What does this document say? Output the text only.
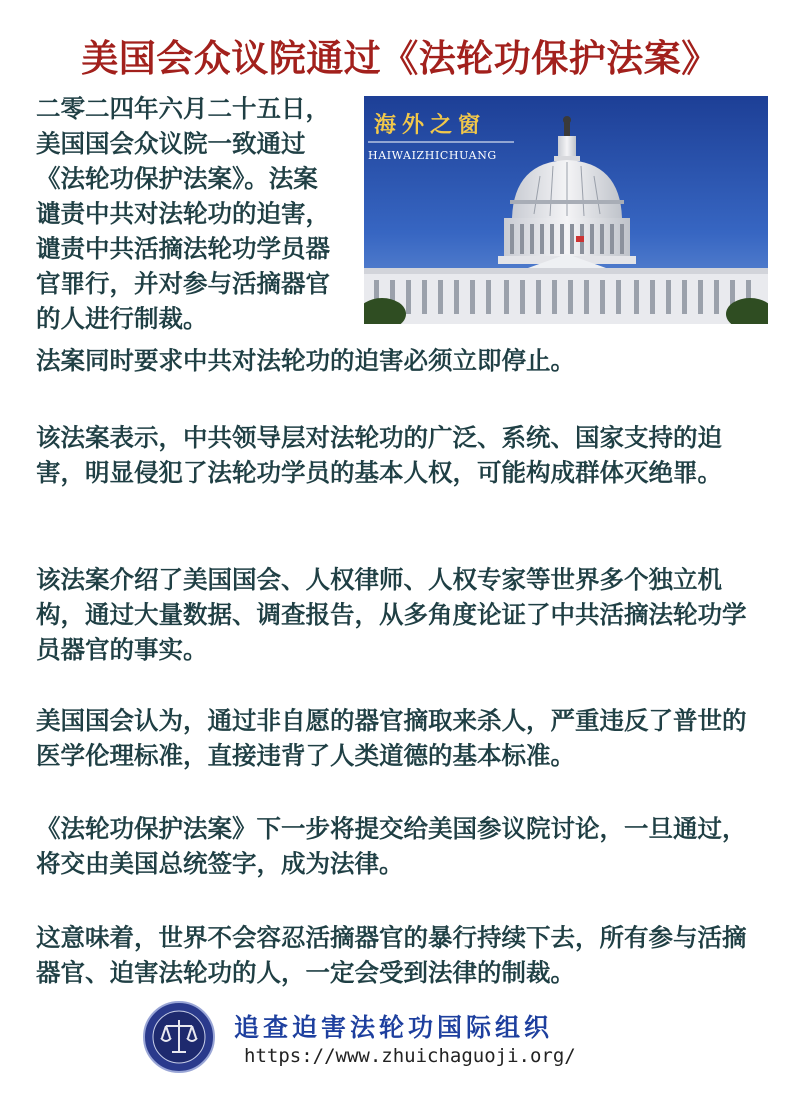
美国会众议院通过《法轮功保护法案》

二零二四年六月二十五日，美国国会众议院一致通过《法轮功保护法案》。法案谴责中共对法轮功的迫害，谴责中共活摘法轮功学员器官罪行，并对参与活摘器官的人进行制裁。

海外之窗
HAIWAIZHICHUANG

法案同时要求中共对法轮功的迫害必须立即停止。

该法案表示，中共领导层对法轮功的广泛、系统、国家支持的迫害，明显侵犯了法轮功学员的基本人权，可能构成群体灭绝罪。

该法案介绍了美国国会、人权律师、人权专家等世界多个独立机构，通过大量数据、调查报告，从多角度论证了中共活摘法轮功学员器官的事实。

美国国会认为，通过非自愿的器官摘取来杀人，严重违反了普世的医学伦理标准，直接违背了人类道德的基本标准。

《法轮功保护法案》下一步将提交给美国参议院讨论，一旦通过，将交由美国总统签字，成为法律。

这意味着，世界不会容忍活摘器官的暴行持续下去，所有参与活摘器官、迫害法轮功的人，一定会受到法律的制裁。

追查迫害法轮功国际组织
https://www.zhuichaguoji.org/
